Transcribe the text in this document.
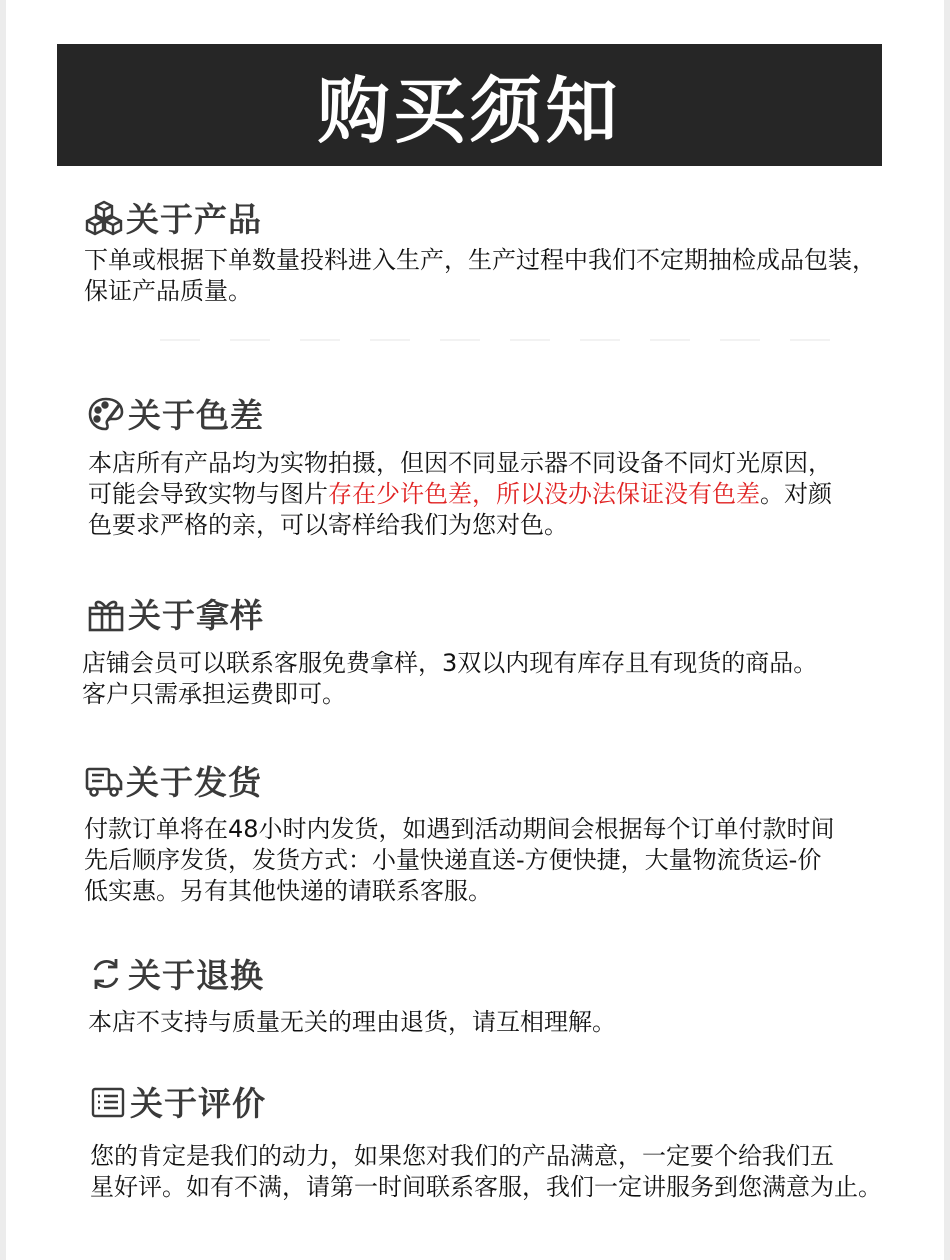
购买须知
关于产品
下单或根据下单数量投料进入生产，生产过程中我们不定期抽检成品包装，
保证产品质量。
关于色差
本店所有产品均为实物拍摄，但因不同显示器不同设备不同灯光原因，
可能会导致实物与图片存在少许色差，所以没办法保证没有色差。对颜
色要求严格的亲，可以寄样给我们为您对色。
关于拿样
店铺会员可以联系客服免费拿样，3双以内现有库存且有现货的商品。
客户只需承担运费即可。
关于发货
付款订单将在48小时内发货，如遇到活动期间会根据每个订单付款时间
先后顺序发货，发货方式：小量快递直送-方便快捷，大量物流货运-价
低实惠。另有其他快递的请联系客服。
关于退换
本店不支持与质量无关的理由退货，请互相理解。
关于评价
您的肯定是我们的动力，如果您对我们的产品满意，一定要个给我们五
星好评。如有不满，请第一时间联系客服，我们一定讲服务到您满意为止。
